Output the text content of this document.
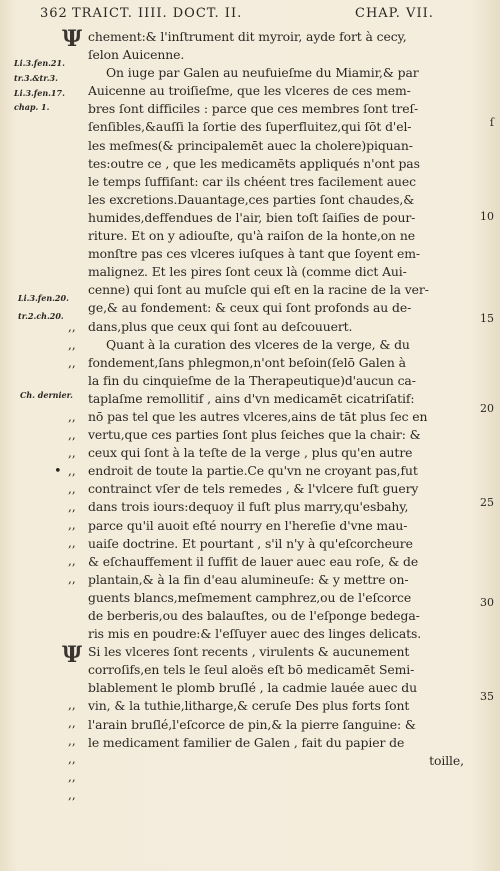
362 TRAICT. IIII. DOCT. II.	CHAP. VII.
Li.3.fen.21.
tr.3.&tr.3.
Li.3.fen.17.
chap. 1.
Li.3.fen.20.
tr.2.ch.20.
Ch. dernier.
Ψ
Ψ
,,
,,
,,
,,
,,
,,
,,
,,
,,
,,
,,
,,
,,
,,
,,
,,
,,
,,
,,
•
chement:& l'inſtrument dit myroir, ayde fort à cecy,
ſelon Auicenne.
On iuge par Galen au neufuieſme du Miamir,& par
Auicenne au troiſieſme, que les vlceres de ces mem-
bres ſont difficiles : parce que ces membres ſont treſ-
ſenſibles,&auſſi la ſortie des ſuperfluitez,qui ſōt d'el-
les meſmes(& principalemēt auec la cholere)piquan-
tes:outre ce , que les medicamēts appliqués n'ont pas
le temps ſuffiſant: car ils chéent tres facilement auec
les excretions.Dauantage,ces parties ſont chaudes,&
humides,deffendues de l'air, bien toſt ſaiſies de pour-
riture. Et on y adiouſte, qu'à raiſon de la honte,on ne
monſtre pas ces vlceres iuſques à tant que ſoyent em-
malignez. Et les pires ſont ceux là (comme dict Aui-
cenne) qui ſont au muſcle qui eſt en la racine de la ver-
ge,& au fondement: & ceux qui ſont profonds au de-
dans,plus que ceux qui ſont au deſcouuert.
Quant à la curation des vlceres de la verge, & du
fondement,ſans phlegmon,n'ont beſoin(ſelō Galen à
la fin du cinquieſme de la Therapeutique)d'aucun ca-
taplaſme remollitif , ains d'vn medicamēt cicatriſatif:
nō pas tel que les autres vlceres,ains de tāt plus ſec en
vertu,que ces parties ſont plus ſeiches que la chair: &
ceux qui ſont à la teſte de la verge , plus qu'en autre
endroit de toute la partie.Ce qu'vn ne croyant pas,fut
contrainct vſer de tels remedes , & l'vlcere fuſt guery
dans trois iours:dequoy il fuſt plus marry,qu'esbahy,
parce qu'il auoit eſté nourry en l'hereſie d'vne mau-
uaiſe doctrine. Et pourtant , s'il n'y à qu'eſcorcheure
& eſchauffement il ſuffit de lauer auec eau roſe, & de
plantain,& à la fin d'eau alumineuſe: & y mettre on-
guents blancs,meſmement camphrez,ou de l'eſcorce
de berberis,ou des balauſtes, ou de l'eſponge bedega-
ris mis en poudre:& l'eſſuyer auec des linges delicats.
Si les vlceres ſont recents , virulents & aucunement
corroſifs,en tels le ſeul aloës eſt bō medicamēt Semi-
blablement le plomb bruſlé , la cadmie lauée auec du
vin, & la tuthie,litharge,& ceruſe Des plus forts ſont
l'arain bruſlé,l'eſcorce de pin,& la pierre ſanguine: &
le medicament familier de Galen , fait du papier de
toille,
ſ
10
15
20
25
30
35
